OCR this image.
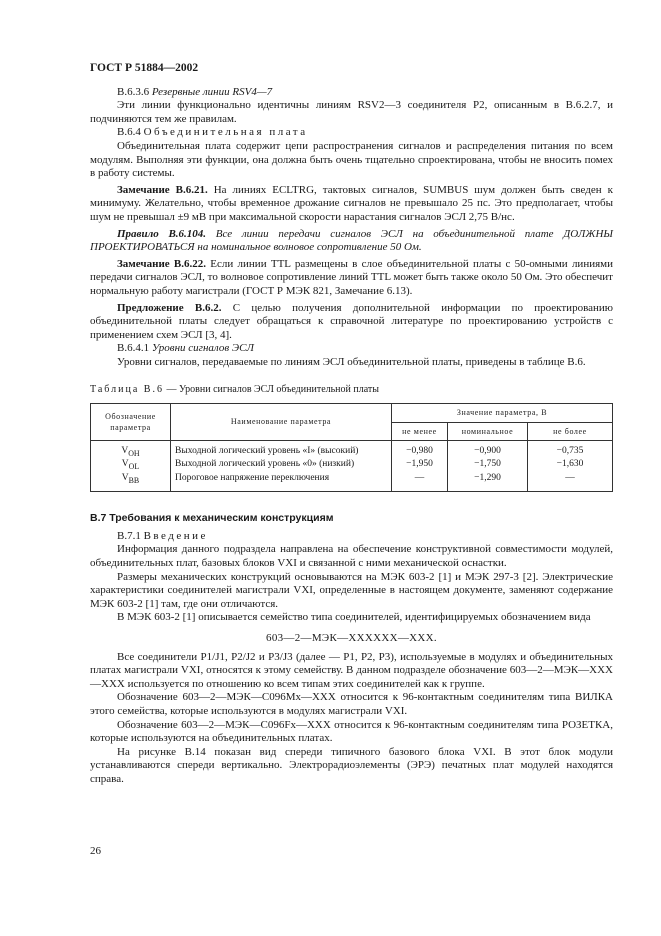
ГОСТ Р 51884—2002

В.6.3.6 Резервные линии RSV4—7

Эти линии функционально идентичны линиям RSV2—3 соединителя Р2, описанным в В.6.2.7, и подчиняются тем же правилам.

В.6.4 Объединительная плата

Объединительная плата содержит цепи распространения сигналов и распределения питания по всем модулям. Выполняя эти функции, она должна быть очень тщательно спроектирована, чтобы не вносить помех в работу системы.

Замечание В.6.21. На линиях ECLTRG, тактовых сигналов, SUMBUS шум должен быть сведен к минимуму. Желательно, чтобы временное дрожание сигналов не превышало 25 пс. Это предполагает, чтобы шум не превышал ±9 мВ при максимальной скорости нарастания сигналов ЭСЛ 2,75 В/нс.

Правило В.6.104. Все линии передачи сигналов ЭСЛ на объединительной плате ДОЛЖНЫ ПРОЕКТИРОВАТЬСЯ на номинальное волновое сопротивление 50 Ом.

Замечание В.6.22. Если линии TTL размещены в слое объединительной платы с 50-омными линиями передачи сигналов ЭСЛ, то волновое сопротивление линий TTL может быть также около 50 Ом. Это обеспечит нормальную работу магистрали (ГОСТ Р МЭК 821, Замечание 6.13).

Предложение В.6.2. С целью получения дополнительной информации по проектированию объединительной платы следует обращаться к справочной литературе по проектированию устройств с применением схем ЭСЛ [3, 4].

В.6.4.1 Уровни сигналов ЭСЛ

Уровни сигналов, передаваемые по линиям ЭСЛ объединительной платы, приведены в таблице В.6.

Таблица В.6 — Уровни сигналов ЭСЛ объединительной платы
Обозначение параметра	Наименование параметра	Значение параметра, В		
		не менее	номинальное	не более
$V_{OH}$	Выходной логический уровень «I» (высокий)	−0,980	−0,900	−0,735
$V_{OL}$	Выходной логический уровень «0» (низкий)	−1,950	−1,750	−1,630
$V_{BB}$	Пороговое напряжение переключения	—	−1,290	—
В.7 Требования к механическим конструкциям

В.7.1 Введение

Информация данного подраздела направлена на обеспечение конструктивной совместимости модулей, объединительных плат, базовых блоков VXI и связанной с ними механической оснастки.

Размеры механических конструкций основываются на МЭК 603-2 [1] и МЭК 297-3 [2]. Электрические характеристики соединителей магистрали VXI, определенные в настоящем документе, заменяют содержание МЭК 603-2 [1] там, где они отличаются.

В МЭК 603-2 [1] описывается семейство типа соединителей, идентифицируемых обозначением вида

603—2—МЭК—XXXXXX—XXX.

Все соединители Р1/J1, Р2/J2 и Р3/J3 (далее — Р1, Р2, Р3), используемые в модулях и объединительных платах магистрали VXI, относятся к этому семейству. В данном подразделе обозначение 603—2—МЭК—XXX—XXX используется по отношению ко всем типам этих соединителей как к группе.

Обозначение 603—2—МЭК—С096Мх—XXX относится к 96-контактным соединителям типа ВИЛКА этого семейства, которые используются в модулях магистрали VXI.

Обозначение 603—2—МЭК—С096Fх—XXX относится к 96-контактным соединителям типа РОЗЕТКА, которые используются на объединительных платах.

На рисунке В.14 показан вид спереди типичного базового блока VXI. В этот блок модули устанавливаются спереди вертикально. Электрорадиоэлементы (ЭРЭ) печатных плат модулей находятся справа.

26
